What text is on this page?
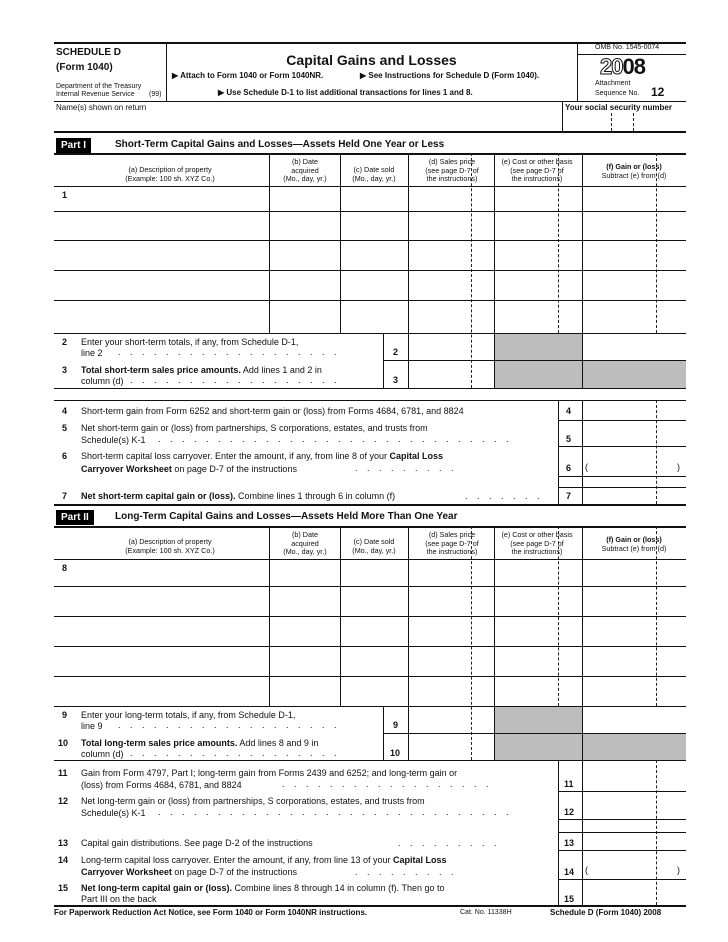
SCHEDULE D
(Form 1040)
Department of the Treasury
Internal Revenue Service (99)
Capital Gains and Losses
▶ Attach to Form 1040 or Form 1040NR.	▶ See Instructions for Schedule D (Form 1040).
▶ Use Schedule D-1 to list additional transactions for lines 1 and 8.
OMB No. 1545-0074
2008
Attachment
Sequence No. 12
Name(s) shown on return	Your social security number
Part I	Short-Term Capital Gains and Losses—Assets Held One Year or Less
(a) Description of property
(Example: 100 sh. XYZ Co.)
(b) Date
acquired
(Mo., day, yr.)
(c) Date sold
(Mo., day, yr.)
(d) Sales price
(see page D-7 of
the instructions)
(e) Cost or other basis
(see page D-7 of
the instructions)
(f) Gain or (loss)
Subtract (e) from (d)
1
2 Enter your short-term totals, if any, from Schedule D-1,
line 2 . . . . . . . . . . . . . . . . . . .	2
3 Total short-term sales price amounts. Add lines 1 and 2 in
column (d) . . . . . . . . . . . . . . . . . .	3
4 Short-term gain from Form 6252 and short-term gain or (loss) from Forms 4684, 6781, and 8824	4
5 Net short-term gain or (loss) from partnerships, S corporations, estates, and trusts from
Schedule(s) K-1 . . . . . . . . . . . . . . . . . . . . . . . . . . . . . .	5
6 Short-term capital loss carryover. Enter the amount, if any, from line 8 of your Capital Loss
Carryover Worksheet on page D-7 of the instructions	. . . . . . . . .	6 (	)
7 Net short-term capital gain or (loss). Combine lines 1 through 6 in column (f)	. . . . . . .	7
Part II	Long-Term Capital Gains and Losses—Assets Held More Than One Year
(a) Description of property
(Example: 100 sh. XYZ Co.)
(b) Date
acquired
(Mo., day, yr.)
(c) Date sold
(Mo., day, yr.)
(d) Sales price
(see page D-7 of
the instructions)
(e) Cost or other basis
(see page D-7 of
the instructions)
(f) Gain or (loss)
Subtract (e) from (d)
8
9 Enter your long-term totals, if any, from Schedule D-1,
line 9 . . . . . . . . . . . . . . . . . . .	9
10 Total long-term sales price amounts. Add lines 8 and 9 in
column (d) . . . . . . . . . . . . . . . . . .	10
11 Gain from Form 4797, Part I; long-term gain from Forms 2439 and 6252; and long-term gain or
(loss) from Forms 4684, 6781, and 8824	. . . . . . . . . . . . . . . . . .	11
12 Net long-term gain or (loss) from partnerships, S corporations, estates, and trusts from
Schedule(s) K-1 . . . . . . . . . . . . . . . . . . . . . . . . . . . . . .	12
13 Capital gain distributions. See page D-2 of the instructions	. . . . . . . . .	13
14 Long-term capital loss carryover. Enter the amount, if any, from line 13 of your Capital Loss
Carryover Worksheet on page D-7 of the instructions	. . . . . . . . .	14 (	)
15 Net long-term capital gain or (loss). Combine lines 8 through 14 in column (f). Then go to
Part III on the back	15
For Paperwork Reduction Act Notice, see Form 1040 or Form 1040NR instructions.	Cat. No. 11338H	Schedule D (Form 1040) 2008
